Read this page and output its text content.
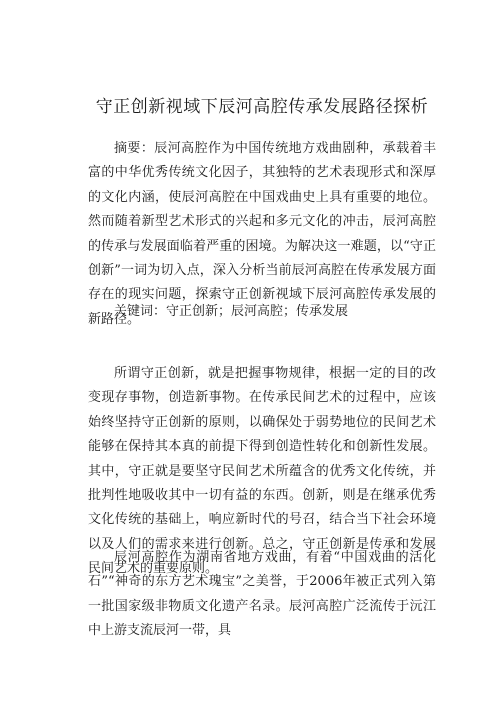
守正创新视域下辰河高腔传承发展路径探析

摘要：辰河高腔作为中国传统地方戏曲剧种，承载着丰富的中华优秀传统文化因子，其独特的艺术表现形式和深厚的文化内涵，使辰河高腔在中国戏曲史上具有重要的地位。然而随着新型艺术形式的兴起和多元文化的冲击，辰河高腔的传承与发展面临着严重的困境。为解决这一难题，以“守正创新”一词为切入点，深入分析当前辰河高腔在传承发展方面存在的现实问题，探索守正创新视域下辰河高腔传承发展的新路径。

关键词：守正创新；辰河高腔；传承发展

所谓守正创新，就是把握事物规律，根据一定的目的改变现存事物，创造新事物。在传承民间艺术的过程中，应该始终坚持守正创新的原则，以确保处于弱势地位的民间艺术能够在保持其本真的前提下得到创造性转化和创新性发展。其中，守正就是要坚守民间艺术所蕴含的优秀文化传统，并批判性地吸收其中一切有益的东西。创新，则是在继承优秀文化传统的基础上，响应新时代的号召，结合当下社会环境以及人们的需求来进行创新。总之，守正创新是传承和发展民间艺术的重要原则。

辰河高腔作为湖南省地方戏曲，有着“中国戏曲的活化石”“神奇的东方艺术瑰宝”之美誉，于2006年被正式列入第一批国家级非物质文化遗产名录。辰河高腔广泛流传于沅江中上游支流辰河一带，具
